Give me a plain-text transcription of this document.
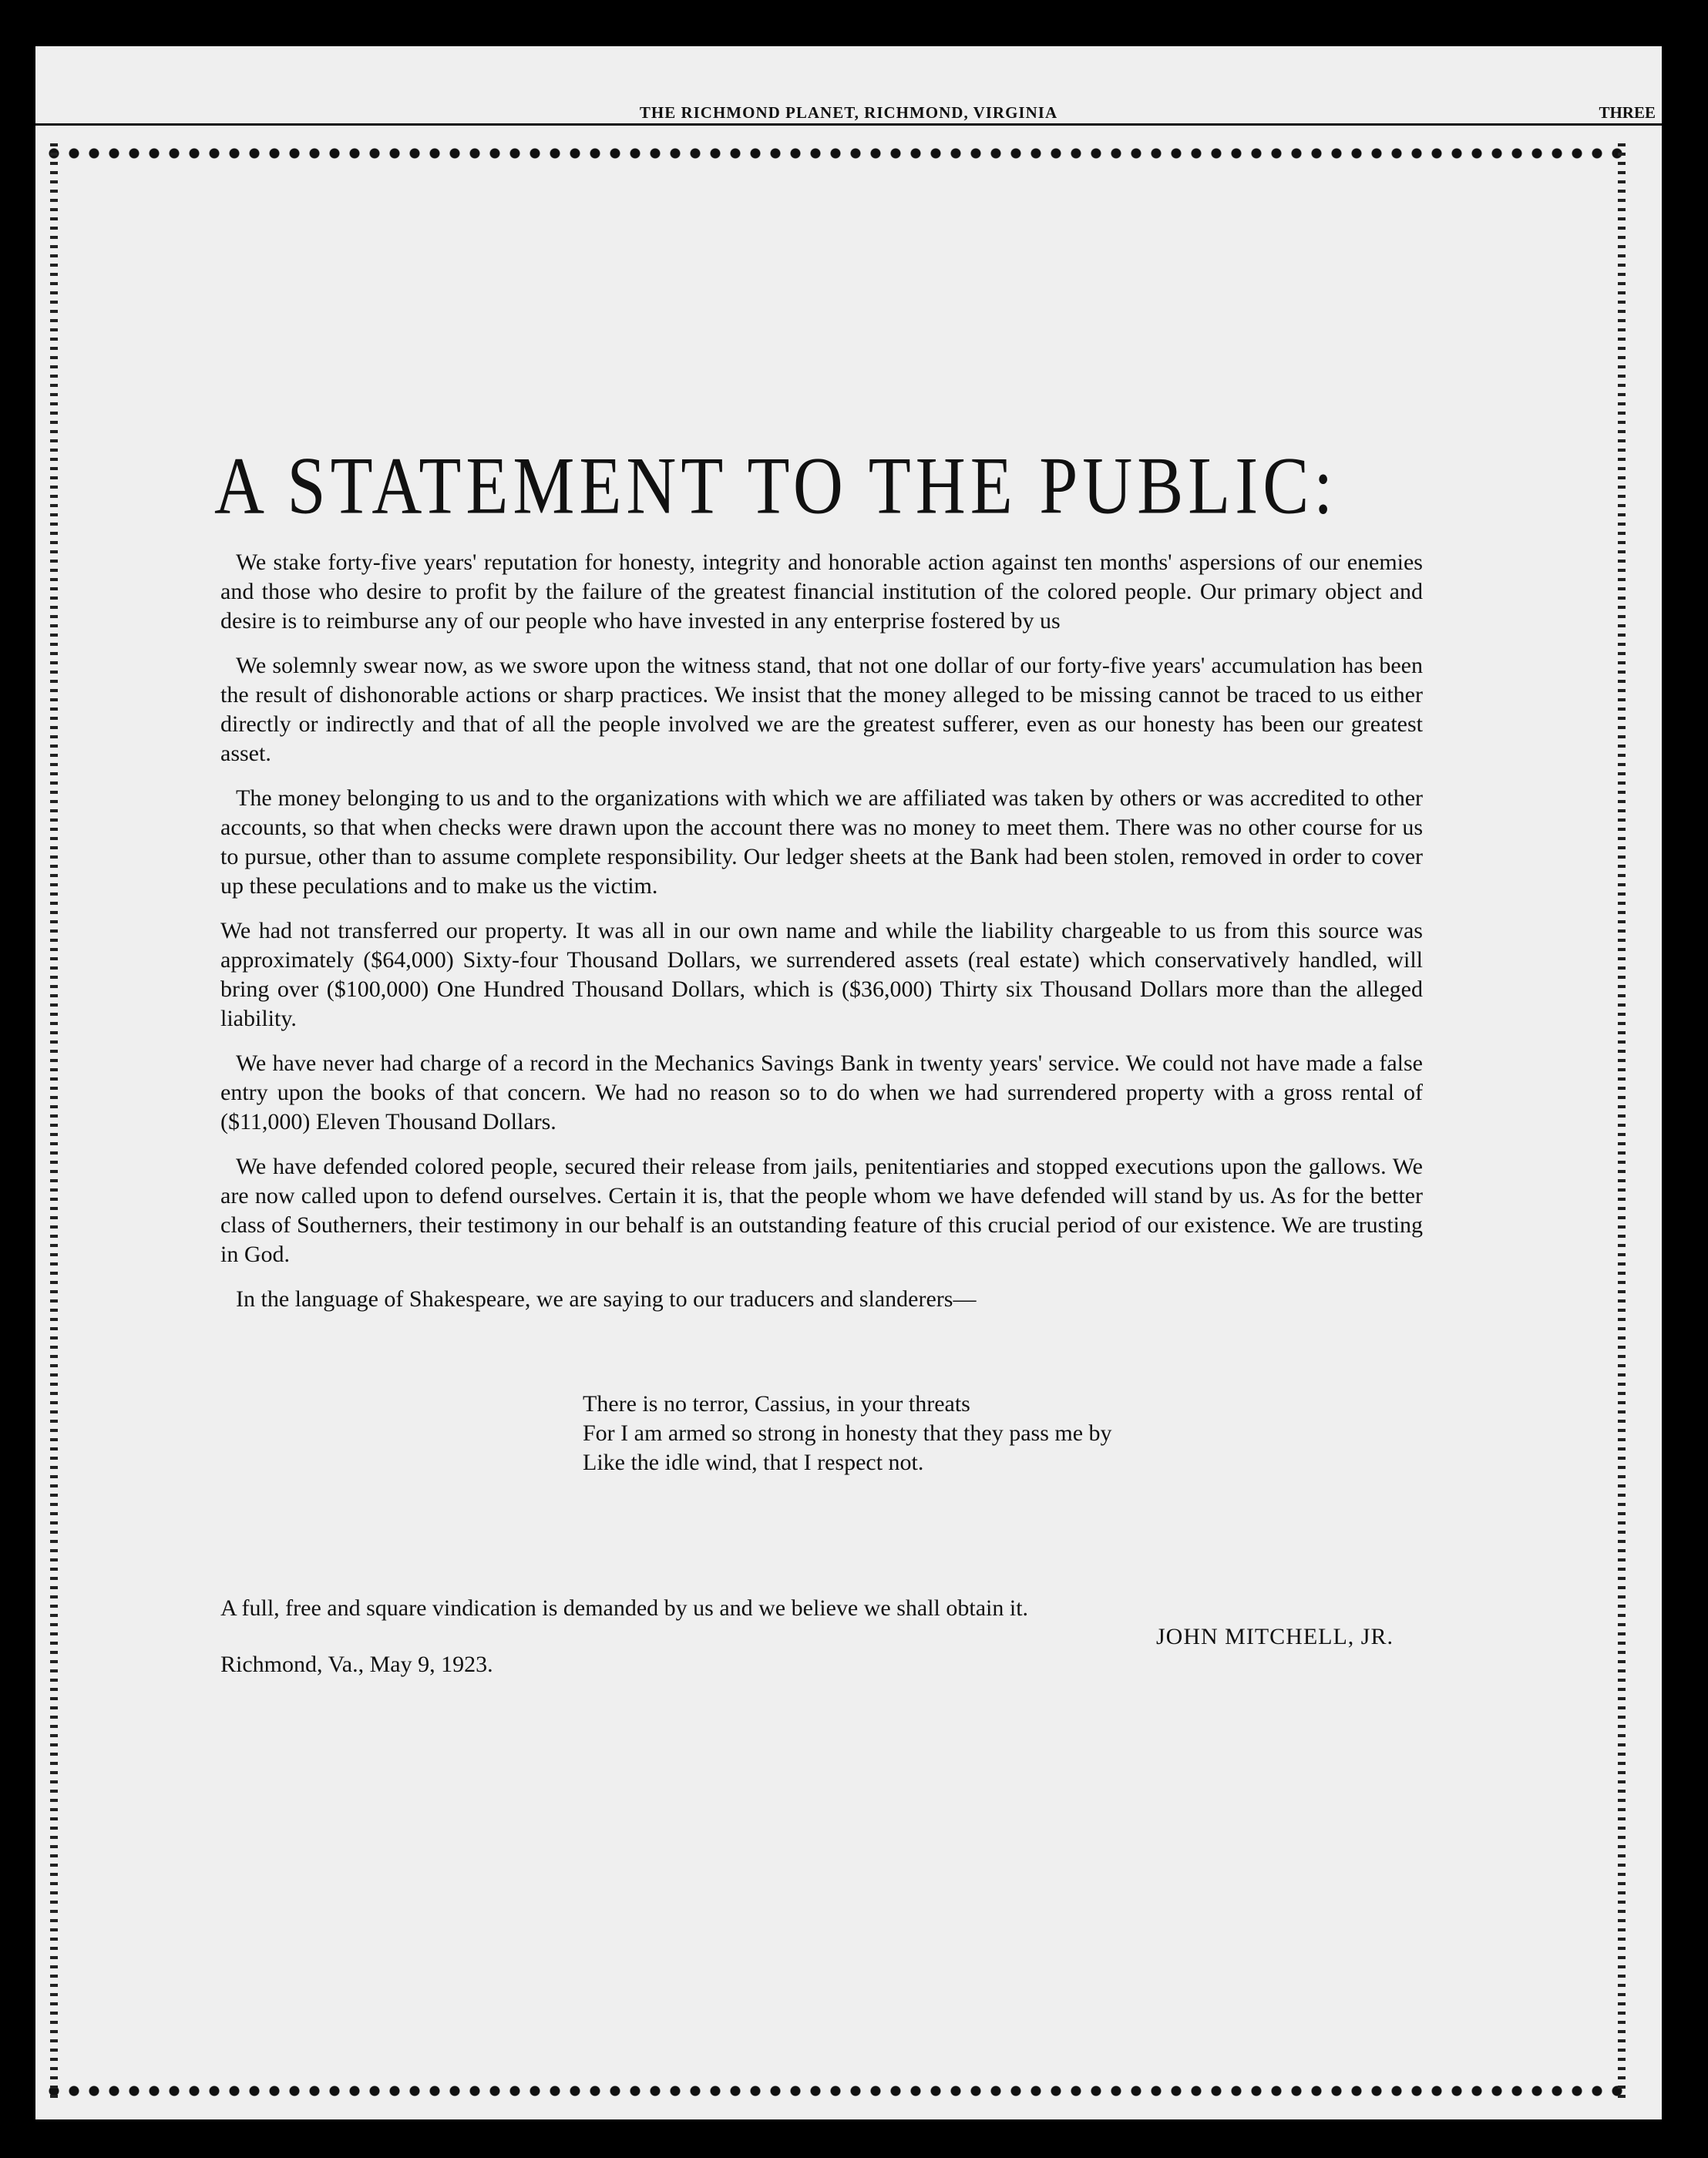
THE RICHMOND PLANET, RICHMOND, VIRGINIA	THREE
A STATEMENT TO THE PUBLIC:

We stake forty-five years' reputation for honesty, integrity and honorable action against ten months' aspersions of our enemies and those who desire to profit by the failure of the greatest financial institution of the colored people. Our primary object and desire is to reimburse any of our people who have invested in any enterprise fostered by us

We solemnly swear now, as we swore upon the witness stand, that not one dollar of our forty-five years' accumulation has been the result of dishonorable actions or sharp practices. We insist that the money alleged to be missing cannot be traced to us either directly or indirectly and that of all the people involved we are the greatest sufferer, even as our honesty has been our greatest asset.

The money belonging to us and to the organizations with which we are affiliated was taken by others or was accredited to other accounts, so that when checks were drawn upon the account there was no money to meet them. There was no other course for us to pursue, other than to assume complete responsibility. Our ledger sheets at the Bank had been stolen, removed in order to cover up these peculations and to make us the victim.

We had not transferred our property. It was all in our own name and while the liability chargeable to us from this source was approximately ($64,000) Sixty-four Thousand Dollars, we surrendered assets (real estate) which conservatively handled, will bring over ($100,000) One Hundred Thousand Dollars, which is ($36,000) Thirty six Thousand Dollars more than the alleged liability.

We have never had charge of a record in the Mechanics Savings Bank in twenty years' service. We could not have made a false entry upon the books of that concern. We had no reason so to do when we had surrendered property with a gross rental of ($11,000) Eleven Thousand Dollars.

We have defended colored people, secured their release from jails, penitentiaries and stopped executions upon the gallows. We are now called upon to defend ourselves. Certain it is, that the people whom we have defended will stand by us. As for the better class of Southerners, their testimony in our behalf is an outstanding feature of this crucial period of our existence. We are trusting in God.

In the language of Shakespeare, we are saying to our traducers and slanderers—
There is no terror, Cassius, in your threats
For I am armed so strong in honesty that they pass me by
Like the idle wind, that I respect not.
A full, free and square vindication is demanded by us and we believe we shall obtain it.
JOHN MITCHELL, JR.
Richmond, Va., May 9, 1923.
